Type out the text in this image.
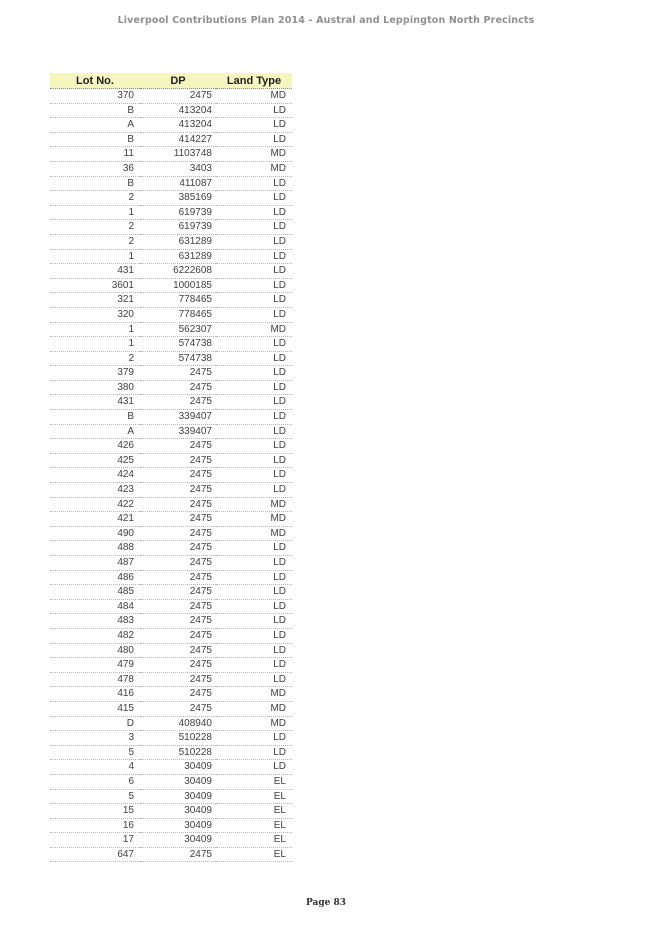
Liverpool Contributions Plan 2014 - Austral and Leppington North Precincts
Lot No.	DP	Land Type
370	2475	MD
B	413204	LD
A	413204	LD
B	414227	LD
11	1103748	MD
36	3403	MD
B	411087	LD
2	385169	LD
1	619739	LD
2	619739	LD
2	631289	LD
1	631289	LD
431	6222608	LD
3601	1000185	LD
321	778465	LD
320	778465	LD
1	562307	MD
1	574738	LD
2	574738	LD
379	2475	LD
380	2475	LD
431	2475	LD
B	339407	LD
A	339407	LD
426	2475	LD
425	2475	LD
424	2475	LD
423	2475	LD
422	2475	MD
421	2475	MD
490	2475	MD
488	2475	LD
487	2475	LD
486	2475	LD
485	2475	LD
484	2475	LD
483	2475	LD
482	2475	LD
480	2475	LD
479	2475	LD
478	2475	LD
416	2475	MD
415	2475	MD
D	408940	MD
3	510228	LD
5	510228	LD
4	30409	LD
6	30409	EL
5	30409	EL
15	30409	EL
16	30409	EL
17	30409	EL
647	2475	EL
Page 83
